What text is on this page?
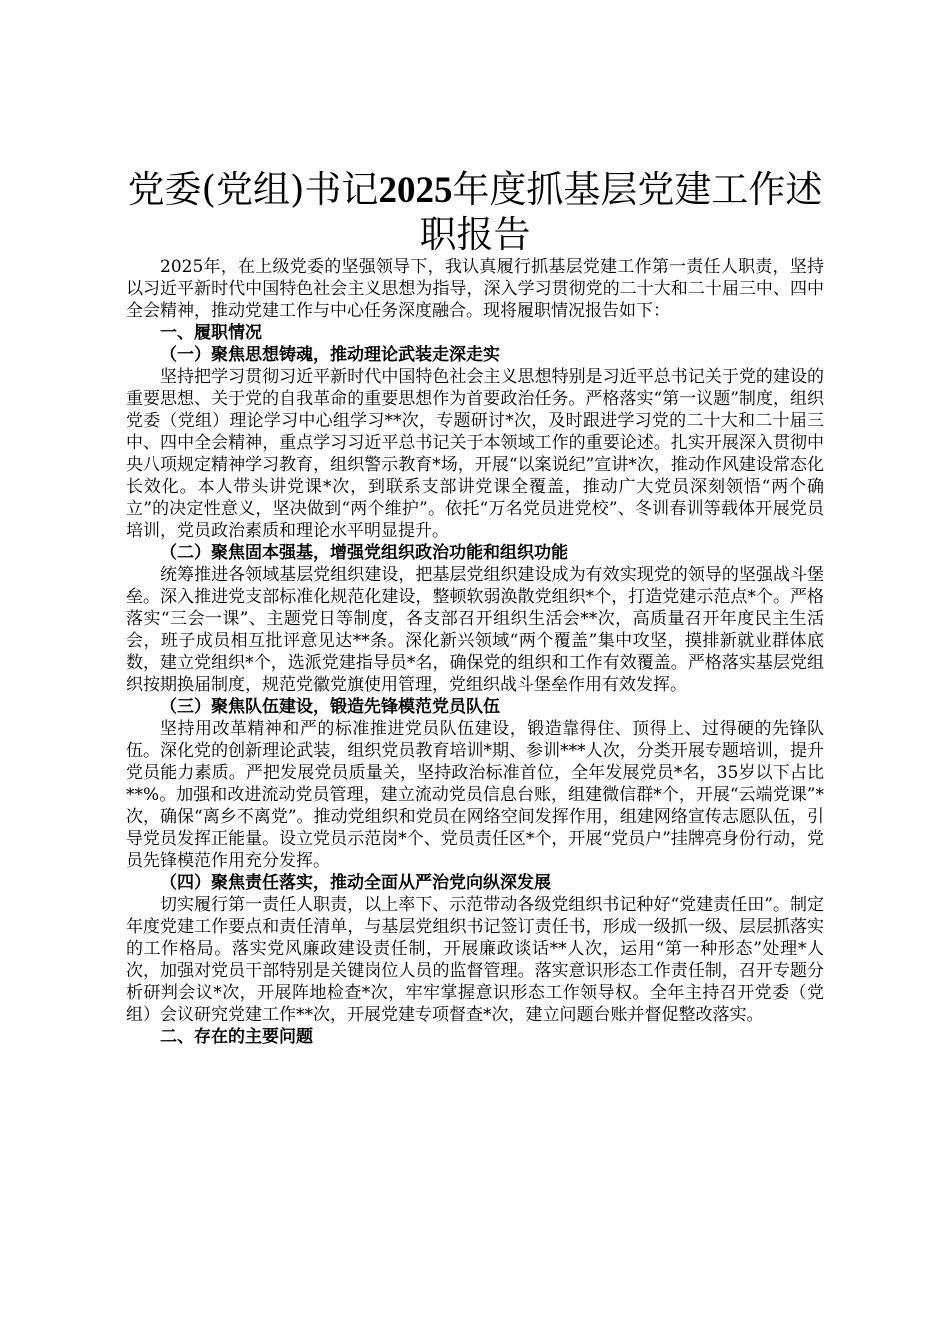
党委(党组)书记2025年度抓基层党建工作述职报告

2025年，在上级党委的坚强领导下，我认真履行抓基层党建工作第一责任人职责，坚持以习近平新时代中国特色社会主义思想为指导，深入学习贯彻党的二十大和二十届三中、四中全会精神，推动党建工作与中心任务深度融合。现将履职情况报告如下：

一、履职情况

（一）聚焦思想铸魂，推动理论武装走深走实

坚持把学习贯彻习近平新时代中国特色社会主义思想特别是习近平总书记关于党的建设的重要思想、关于党的自我革命的重要思想作为首要政治任务。严格落实“第一议题”制度，组织党委（党组）理论学习中心组学习**次，专题研讨*次，及时跟进学习党的二十大和二十届三中、四中全会精神，重点学习习近平总书记关于本领域工作的重要论述。扎实开展深入贯彻中央八项规定精神学习教育，组织警示教育*场，开展“以案说纪”宣讲*次，推动作风建设常态化长效化。本人带头讲党课*次，到联系支部讲党课全覆盖，推动广大党员深刻领悟“两个确立”的决定性意义，坚决做到“两个维护”。依托“万名党员进党校”、冬训春训等载体开展党员培训，党员政治素质和理论水平明显提升。

（二）聚焦固本强基，增强党组织政治功能和组织功能

统筹推进各领域基层党组织建设，把基层党组织建设成为有效实现党的领导的坚强战斗堡垒。深入推进党支部标准化规范化建设，整顿软弱涣散党组织*个，打造党建示范点*个。严格落实“三会一课”、主题党日等制度，各支部召开组织生活会**次，高质量召开年度民主生活会，班子成员相互批评意见达**条。深化新兴领域“两个覆盖”集中攻坚，摸排新就业群体底数，建立党组织*个，选派党建指导员*名，确保党的组织和工作有效覆盖。严格落实基层党组织按期换届制度，规范党徽党旗使用管理，党组织战斗堡垒作用有效发挥。

（三）聚焦队伍建设，锻造先锋模范党员队伍

坚持用改革精神和严的标准推进党员队伍建设，锻造靠得住、顶得上、过得硬的先锋队伍。深化党的创新理论武装，组织党员教育培训*期、参训***人次，分类开展专题培训，提升党员能力素质。严把发展党员质量关，坚持政治标准首位，全年发展党员*名，35岁以下占比**%。加强和改进流动党员管理，建立流动党员信息台账，组建微信群*个，开展“云端党课”*次，确保“离乡不离党”。推动党组织和党员在网络空间发挥作用，组建网络宣传志愿队伍，引导党员发挥正能量。设立党员示范岗*个、党员责任区*个，开展“党员户”挂牌亮身份行动，党员先锋模范作用充分发挥。

（四）聚焦责任落实，推动全面从严治党向纵深发展

切实履行第一责任人职责，以上率下、示范带动各级党组织书记种好“党建责任田”。制定年度党建工作要点和责任清单，与基层党组织书记签订责任书，形成一级抓一级、层层抓落实的工作格局。落实党风廉政建设责任制，开展廉政谈话**人次，运用“第一种形态”处理*人次，加强对党员干部特别是关键岗位人员的监督管理。落实意识形态工作责任制，召开专题分析研判会议*次，开展阵地检查*次，牢牢掌握意识形态工作领导权。全年主持召开党委（党组）会议研究党建工作**次，开展党建专项督查*次，建立问题台账并督促整改落实。

二、存在的主要问题
